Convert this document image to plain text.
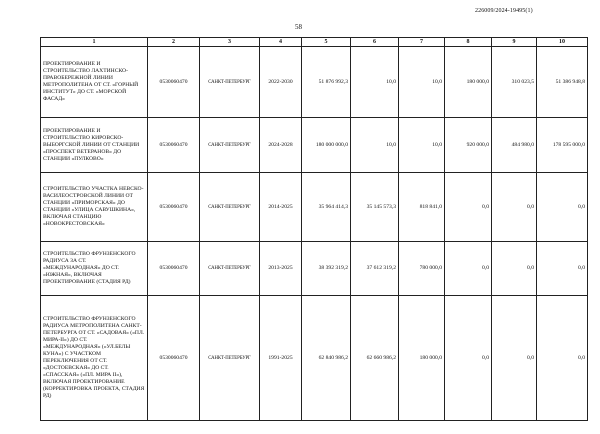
226009/2024-19495(1)
58
1	2	3	4	5	6	7	8	9	10
ПРОЕКТИРОВАНИЕ И СТРОИТЕЛЬСТВО ЛАХТИНСКО-ПРАВОБЕРЕЖНОЙ ЛИНИИ МЕТРОПОЛИТЕНА ОТ СТ. «ГОРНЫЙ ИНСТИТУТ» ДО СТ. «МОРСКОЙ ФАСАД»	0530060470	САНКТ-ПЕТЕРБУРГ	2022-2030	51 876 992,3	10,0	10,0	180 000,0	310 023,5	51 386 948,8
ПРОЕКТИРОВАНИЕ И СТРОИТЕЛЬСТВО КИРОВСКО-ВЫБОРГСКОЙ ЛИНИИ ОТ СТАНЦИИ «ПРОСПЕКТ ВЕТЕРАНОВ» ДО СТАНЦИИ «ПУЛКОВО»	0530060470	САНКТ-ПЕТЕРБУРГ	2024-2028	180 000 000,0	10,0	10,0	920 000,0	484 980,0	178 595 000,0
СТРОИТЕЛЬСТВО УЧАСТКА НЕВСКО-ВАСИЛЕОСТРОВСКОЙ ЛИНИИ ОТ СТАНЦИИ «ПРИМОРСКАЯ» ДО СТАНЦИИ «УЛИЦА САВУШКИНА», ВКЛЮЧАЯ СТАНЦИЮ «НОВОКРЕСТОВСКАЯ»	0530060470	САНКТ-ПЕТЕРБУРГ	2014-2025	35 964 414,3	35 145 573,3	818 841,0	0,0	0,0	0,0
СТРОИТЕЛЬСТВО ФРУНЗЕНСКОГО РАДИУСА ЗА СТ. «МЕЖДУНАРОДНАЯ» ДО СТ. «ЮЖНАЯ», ВКЛЮЧАЯ ПРОЕКТИРОВАНИЕ (СТАДИЯ РД)	0530060470	САНКТ-ПЕТЕРБУРГ	2013-2025	38 392 319,2	37 612 319,2	780 000,0	0,0	0,0	0,0
СТРОИТЕЛЬСТВО ФРУНЗЕНСКОГО РАДИУСА МЕТРОПОЛИТЕНА САНКТ-ПЕТЕРБУРГА ОТ СТ. «САДОВАЯ» («ПЛ. МИРА-II») ДО СТ. «МЕЖДУНАРОДНАЯ» («УЛ.БЕЛЫ КУНА») С УЧАСТКОМ ПЕРЕКЛЮЧЕНИЯ ОТ СТ. «ДОСТОЕВСКАЯ» ДО СТ. «СПАССКАЯ» («ПЛ. МИРА II»), ВКЛЮЧАЯ ПРОЕКТИРОВАНИЕ (КОРРЕКТИРОВКА ПРОЕКТА, СТАДИЯ РД)	0530060470	САНКТ-ПЕТЕРБУРГ	1991-2025	62 840 986,2	62 660 986,2	180 000,0	0,0	0,0	0,0
